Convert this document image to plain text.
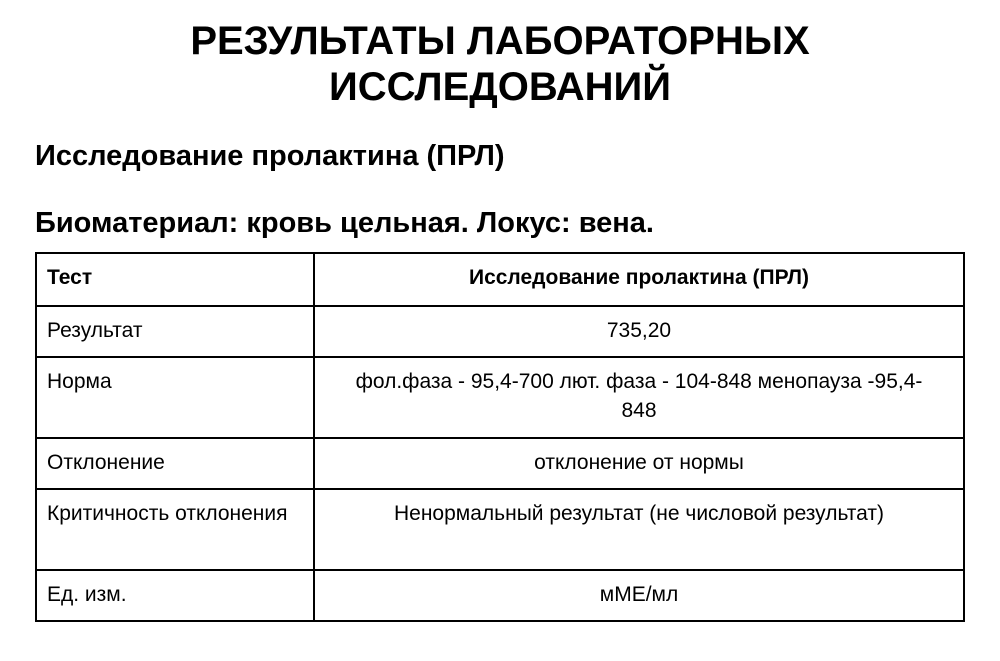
РЕЗУЛЬТАТЫ ЛАБОРАТОРНЫХ
ИССЛЕДОВАНИЙ
Исследование пролактина (ПРЛ)
Биоматериал: кровь цельная. Локус: вена.
Тест	Исследование пролактина (ПРЛ)
Результат	735,20
Норма	фол.фаза - 95,4-700 лют. фаза - 104-848 менопауза -95,4-848
Отклонение	отклонение от нормы
Критичность отклонения	Ненормальный результат (не числовой результат)
Ед. изм.	мМЕ/мл
